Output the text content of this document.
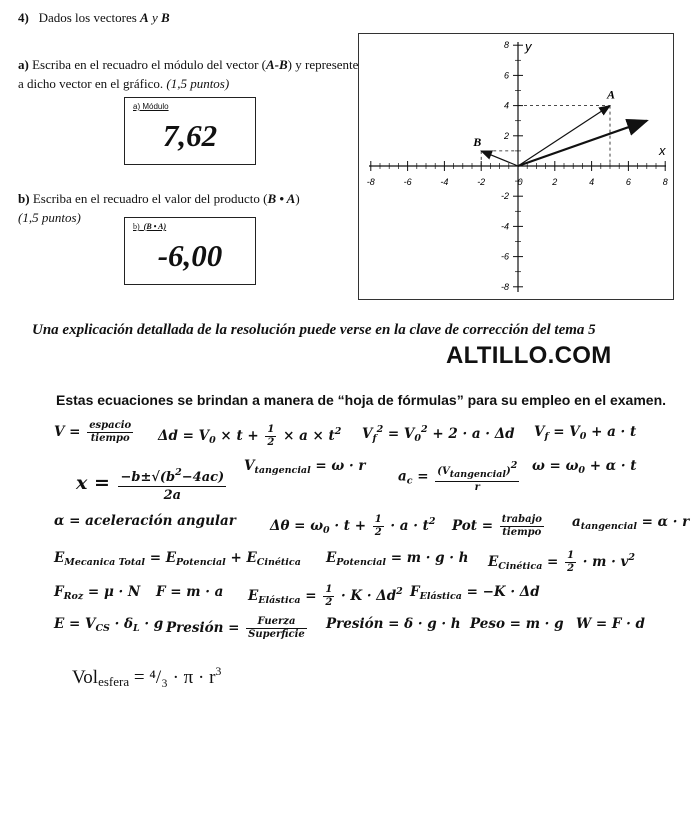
4) Dados los vectores A y B
a) Escriba en el recuadro el módulo del vector (A-B) y represente a dicho vector en el gráfico. (1,5 puntos)
a) Módulo
7,62
b) Escriba en el recuadro el valor del producto (B • A)
(1,5 puntos)
b) (B • A)
-6,00
-8	-6	-4	-2	0	2	4	6	8
8
6
4
2
-2
-4
-6
-8
A
B
x
y
Una explicación detallada de la resolución puede verse en la clave de corrección del tema 5
ALTILLO.COM
Estas ecuaciones se brindan a manera de “hoja de fórmulas” para su empleo en el examen.
$V = \frac{\text{espacio}}{\text{tiempo}}$ $\Delta d = V_0 \times t + \frac{1}{2} \times a \times t^2$ $V_f^2 = V_0^2 + 2 \cdot a \cdot \Delta d$ $V_f = V_0 + a \cdot t$
$x = \frac{-b\pm√(b^2-4ac)}{2a} V_{tangencial} = \omega \cdot r$
$a_c = \frac{\text{(Vtangencial)2}}{r}$ $\omega = \omega_0 + \alpha \cdot t$
α = aceleración angular	$\Delta\theta = \omega_0 \cdot t + \frac{1}{2} \cdot a \cdot t^2$ Pot = $\frac{\text{trabajo}}{\text{tiempo}} a_{tangencial} = \alpha \cdot r$
$E_{Mecanica Total} = E_{Potencial} + E_{Cinética}$ $E_{Potencial} = m \cdot g \cdot h$ $E_{Cinética} = \frac{1}{2} \cdot m \cdot v^2$
$F_{Roz} = \mu \cdot N$ F = m · a $E_{Elástica} = \frac{1}{2} \cdot K \cdot \Delta d^2$ $F_{Elástica} = -K \cdot \Delta d$
$E = V_{CS} \cdot \delta_L \cdot g$ Presión = $\frac{\text{Fuerza}}{\text{Superficie}}$ Presión = δ · g · h Peso = m · g W = F · d
Volesfera = $^4/_3 \cdot \pi \cdot r^3$
